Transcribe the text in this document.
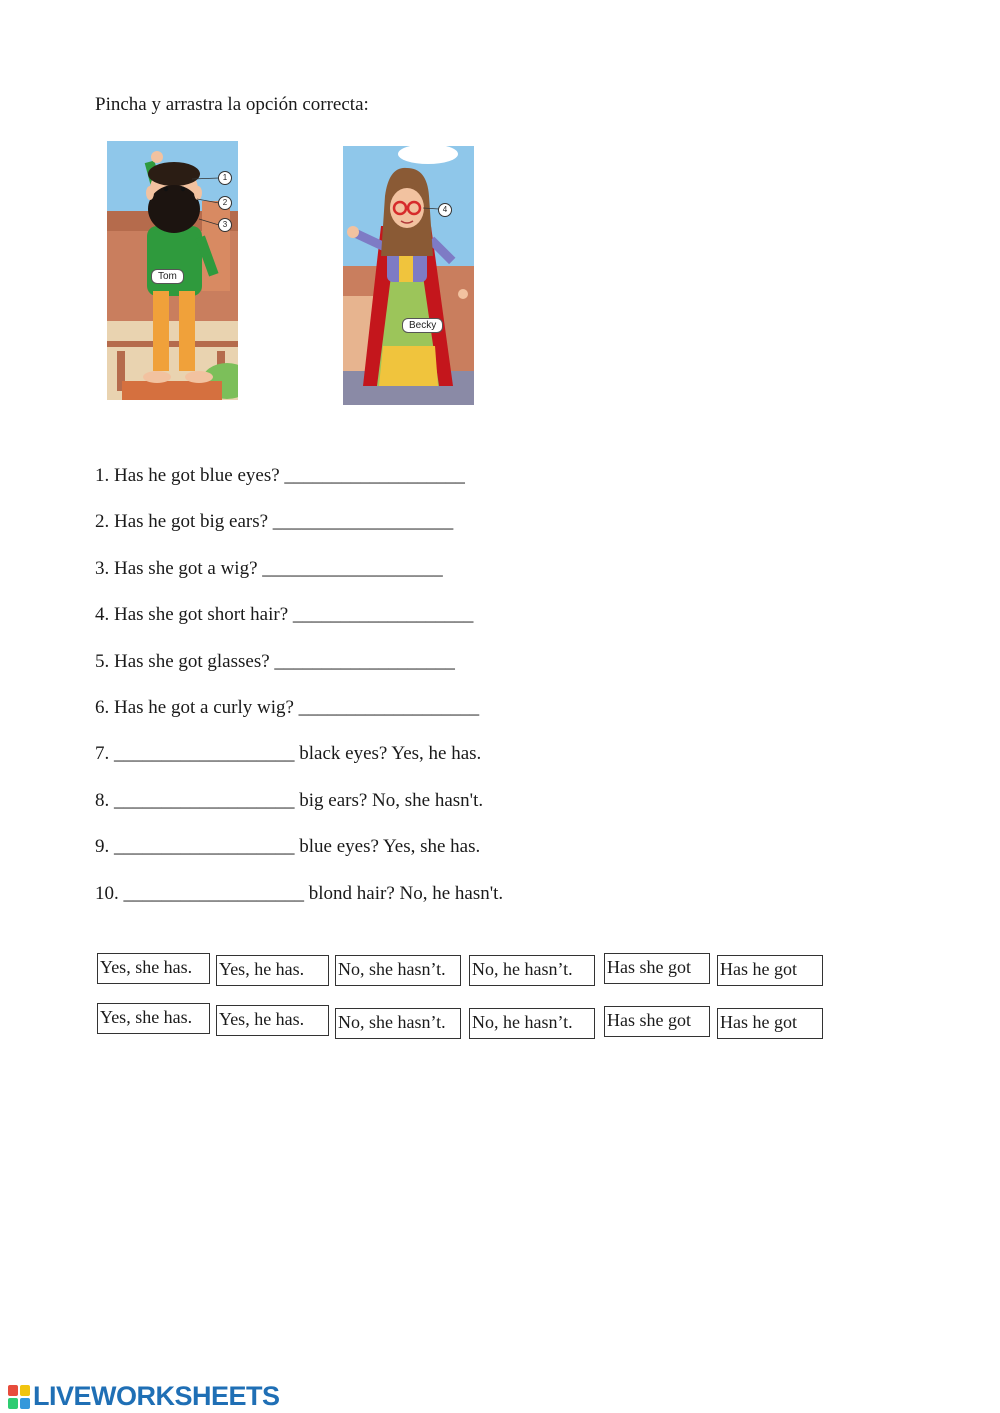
Pincha y arrastra la opción correcta:
1
2
3
Tom
4
Becky
1. Has he got blue eyes? ___________________
2. Has he got big ears? ___________________
3. Has she got a wig? ___________________
4. Has she got short hair? ___________________
5. Has she got glasses? ___________________
6. Has he got a curly wig? ___________________
7. ___________________ black eyes? Yes, he has.
8. ___________________ big ears? No, she hasn't.
9. ___________________ blue eyes? Yes, she has.
10. ___________________ blond hair? No, he hasn't.
Yes, she has.	Yes, he has.	No, she hasn’t.	No, he hasn’t.	Has she got	Has he got
Yes, she has.	Yes, he has.	No, she hasn’t.	No, he hasn’t.	Has she got	Has he got
LIVEWORKSHEETS
